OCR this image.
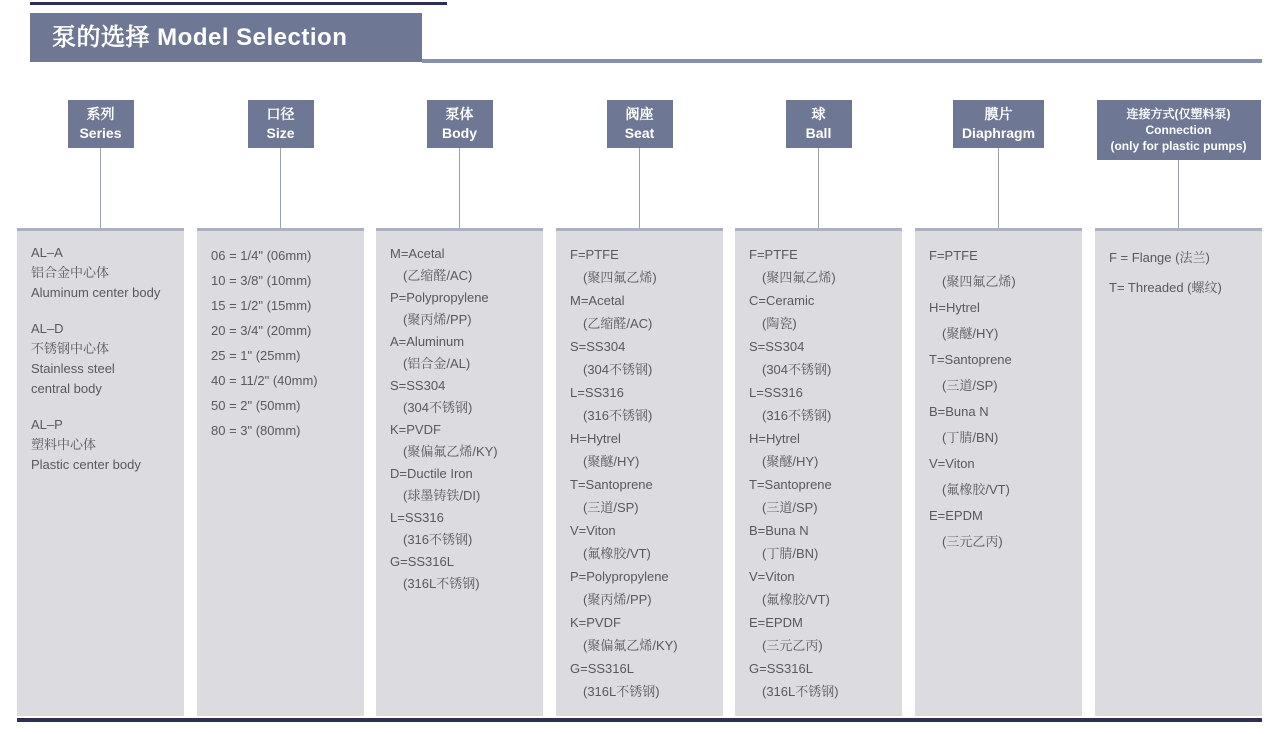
泵的选择 Model Selection
系列
Series
AL–A
铝合金中心体
Aluminum center body
AL–D
不锈钢中心体
Stainless steel
central body
AL–P
塑料中心体
Plastic center body
口径
Size
06 = 1/4" (06mm)
10 = 3/8" (10mm)
15 = 1/2" (15mm)
20 = 3/4" (20mm)
25 = 1" (25mm)
40 = 11/2" (40mm)
50 = 2" (50mm)
80 = 3" (80mm)
泵体
Body
M=Acetal
(乙缩醛/AC)
P=Polypropylene
(聚丙烯/PP)
A=Aluminum
(铝合金/AL)
S=SS304
(304不锈钢)
K=PVDF
(聚偏氟乙烯/KY)
D=Ductile Iron
(球墨铸铁/DI)
L=SS316
(316不锈钢)
G=SS316L
(316L不锈钢)
阀座
Seat
F=PTFE
(聚四氟乙烯)
M=Acetal
(乙缩醛/AC)
S=SS304
(304不锈钢)
L=SS316
(316不锈钢)
H=Hytrel
(聚醚/HY)
T=Santoprene
(三道/SP)
V=Viton
(氟橡胶/VT)
P=Polypropylene
(聚丙烯/PP)
K=PVDF
(聚偏氟乙烯/KY)
G=SS316L
(316L不锈钢)
球
Ball
F=PTFE
(聚四氟乙烯)
C=Ceramic
(陶瓷)
S=SS304
(304不锈钢)
L=SS316
(316不锈钢)
H=Hytrel
(聚醚/HY)
T=Santoprene
(三道/SP)
B=Buna N
(丁腈/BN)
V=Viton
(氟橡胶/VT)
E=EPDM
(三元乙丙)
G=SS316L
(316L不锈钢)
膜片
Diaphragm
F=PTFE
(聚四氟乙烯)
H=Hytrel
(聚醚/HY)
T=Santoprene
(三道/SP)
B=Buna N
(丁腈/BN)
V=Viton
(氟橡胶/VT)
E=EPDM
(三元乙丙)
连接方式(仅塑料泵)
Connection
(only for plastic pumps)
F = Flange (法兰)
T= Threaded (螺纹)
